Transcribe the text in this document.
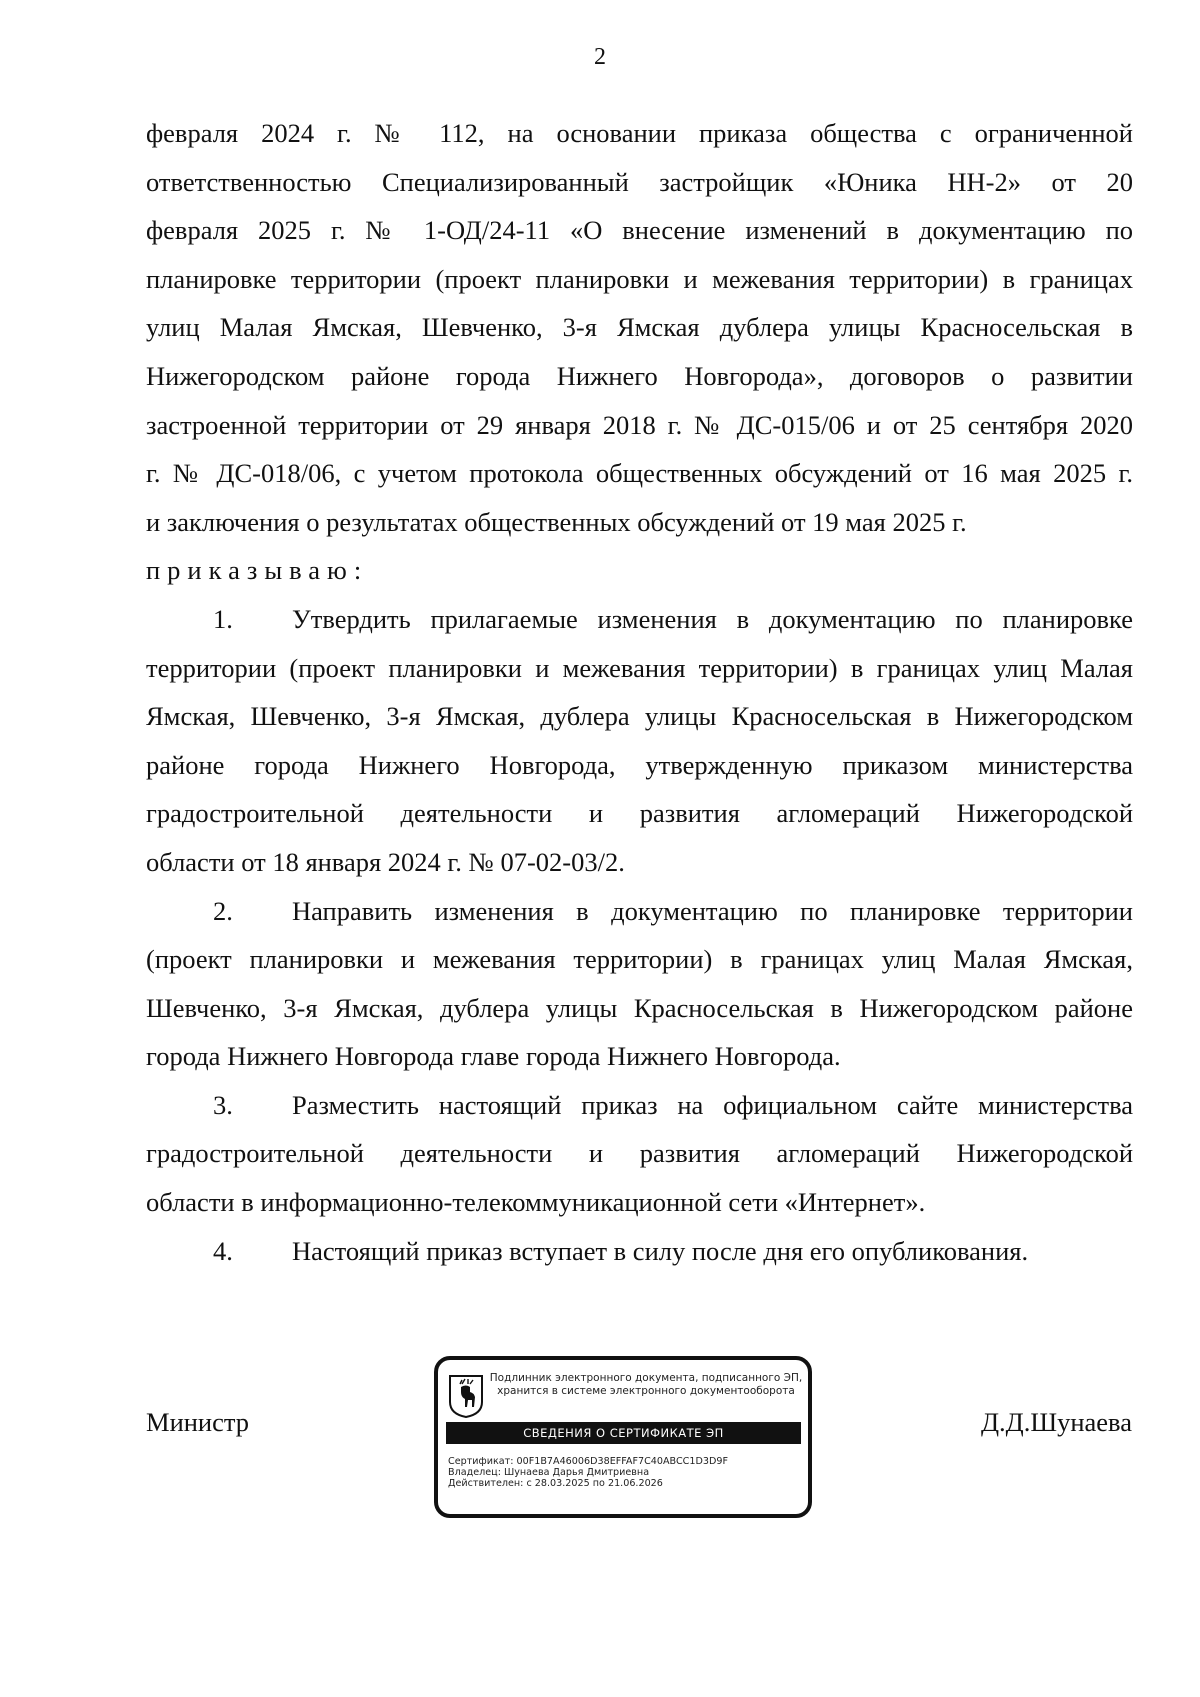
2
февраля 2024 г. № 112, на основании приказа общества с ограниченной
ответственностью Специализированный застройщик «Юника НН-2» от 20
февраля 2025 г. № 1-ОД/24-11 «О внесение изменений в документацию по
планировке территории (проект планировки и межевания территории) в границах
улиц Малая Ямская, Шевченко, 3-я Ямская дублера улицы Красносельская в
Нижегородском районе города Нижнего Новгорода», договоров о развитии
застроенной территории от 29 января 2018 г. № ДС-015/06 и от 25 сентября 2020
г. № ДС-018/06, с учетом протокола общественных обсуждений от 16 мая 2025 г.
и заключения о результатах общественных обсуждений от 19 мая 2025 г.
приказываю:
1. Утвердить прилагаемые изменения в документацию по планировке
территории (проект планировки и межевания территории) в границах улиц Малая
Ямская, Шевченко, 3-я Ямская, дублера улицы Красносельская в Нижегородском
районе города Нижнего Новгорода, утвержденную приказом министерства
градостроительной деятельности и развития агломераций Нижегородской
области от 18 января 2024 г. № 07-02-03/2.
2. Направить изменения в документацию по планировке территории
(проект планировки и межевания территории) в границах улиц Малая Ямская,
Шевченко, 3-я Ямская, дублера улицы Красносельская в Нижегородском районе
города Нижнего Новгорода главе города Нижнего Новгорода.
3. Разместить настоящий приказ на официальном сайте министерства
градостроительной деятельности и развития агломераций Нижегородской
области в информационно-телекоммуникационной сети «Интернет».
4. Настоящий приказ вступает в силу после дня его опубликования.
Министр
Подлинник электронного документа, подписанного ЭП,
хранится в системе электронного документооборота
СВЕДЕНИЯ О СЕРТИФИКАТЕ ЭП
Сертификат: 00F1B7A46006D38EFFAF7C40ABCC1D3D9F
Владелец: Шунаева Дарья Дмитриевна
Действителен: с 28.03.2025 по 21.06.2026
Д.Д.Шунаева
